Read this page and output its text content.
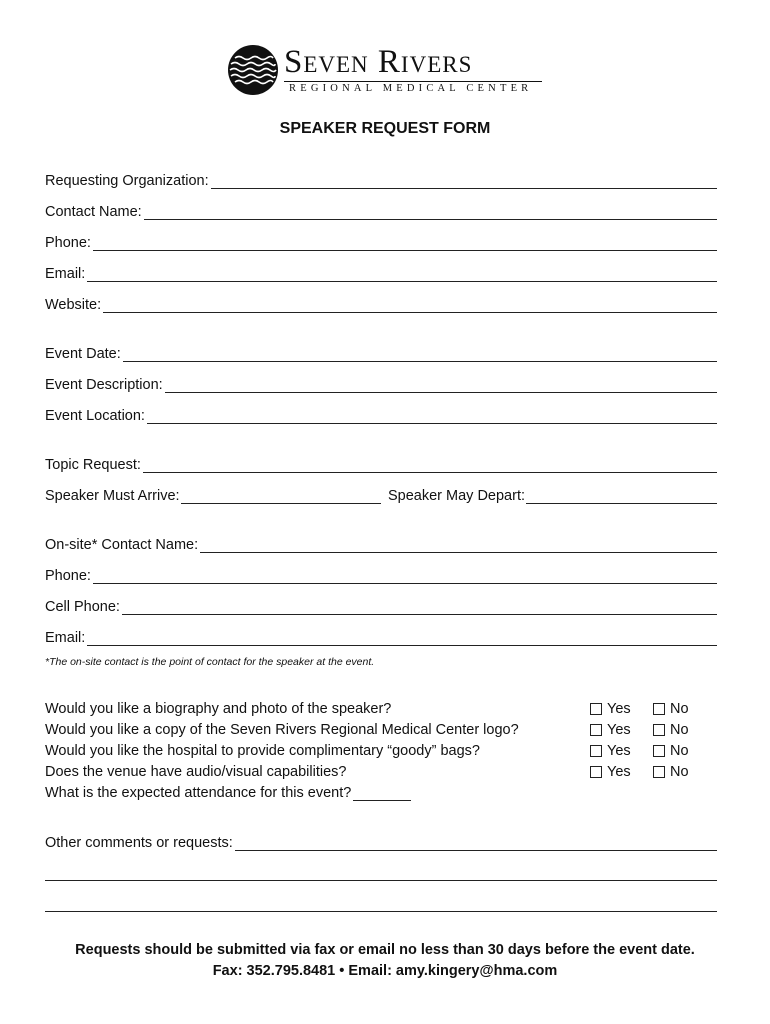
Seven Rivers
REGIONAL MEDICAL CENTER
SPEAKER REQUEST FORM
Requesting Organization:
Contact Name:
Phone:
Email:
Website:
Event Date:
Event Description:
Event Location:
Topic Request:
Speaker Must Arrive:	Speaker May Depart:
On-site* Contact Name:
Phone:
Cell Phone:
Email:
*The on-site contact is the point of contact for the speaker at the event.
Would you like a biography and photo of the speaker?	Yes	No
Would you like a copy of the Seven Rivers Regional Medical Center logo?	Yes	No
Would you like the hospital to provide complimentary “goody” bags?	Yes	No
Does the venue have audio/visual capabilities?	Yes	No
What is the expected attendance for this event?
Other comments or requests:
Requests should be submitted via fax or email no less than 30 days before the event date.
Fax: 352.795.8481 • Email: amy.kingery@hma.com
